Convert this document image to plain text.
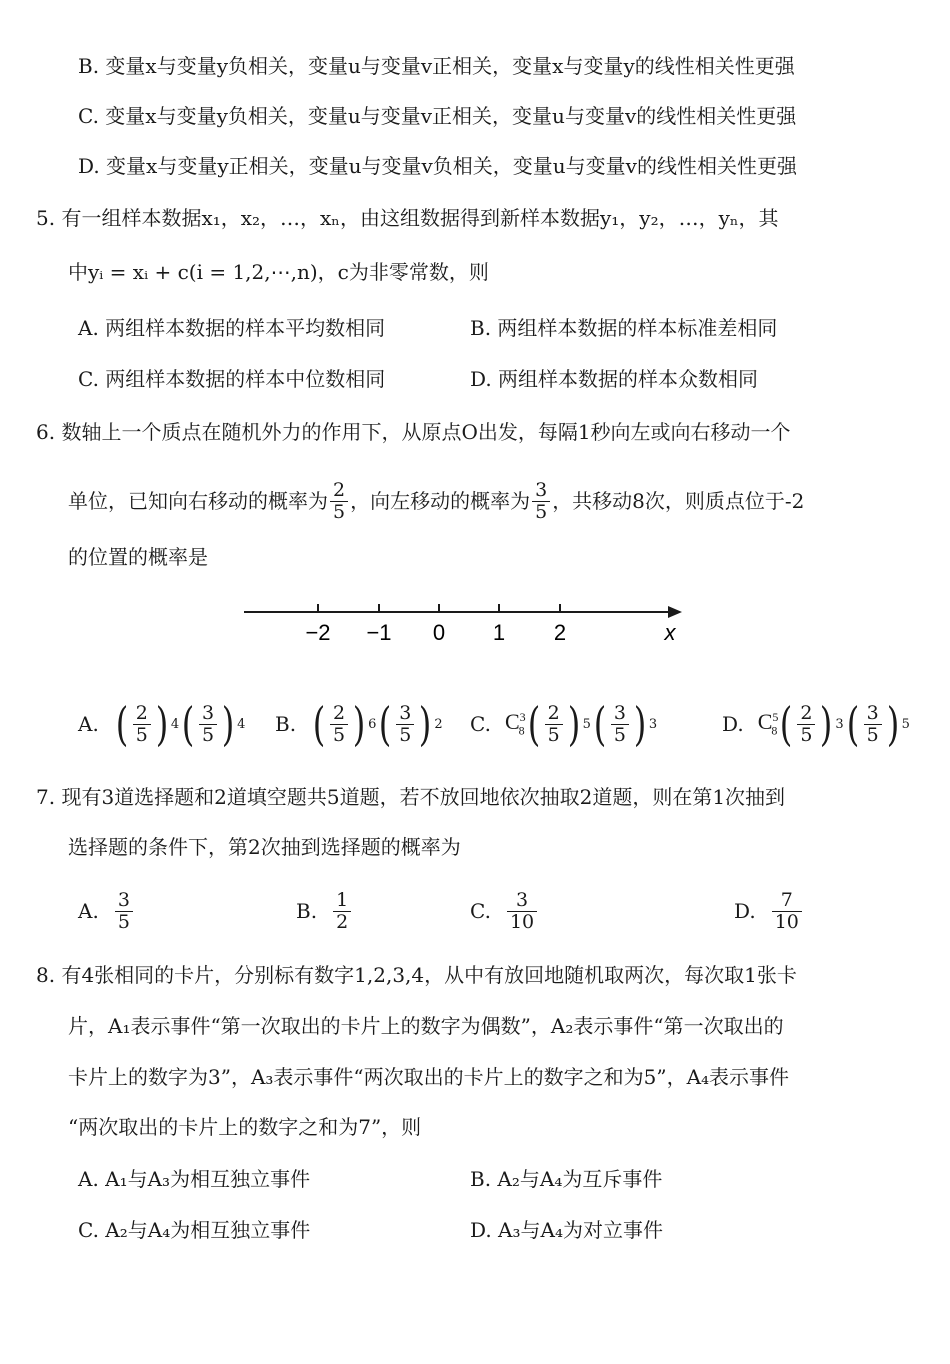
B. 变量x与变量y负相关，变量u与变量v正相关，变量x与变量y的线性相关性更强
C. 变量x与变量y负相关，变量u与变量v正相关，变量u与变量v的线性相关性更强
D. 变量x与变量y正相关，变量u与变量v负相关，变量u与变量v的线性相关性更强
5. 有一组样本数据x₁，x₂，…，xₙ，由这组数据得到新样本数据y₁，y₂，…，yₙ，其
中yᵢ = xᵢ + c(i = 1,2,⋯,n)，c为非零常数，则
A. 两组样本数据的样本平均数相同	B. 两组样本数据的样本标准差相同
C. 两组样本数据的样本中位数相同	D. 两组样本数据的样本众数相同
6. 数轴上一个质点在随机外力的作用下，从原点O出发，每隔1秒向左或向右移动一个
单位，已知向右移动的概率为 $\frac{2}{5}$ ，向左移动的概率为 $\frac{3}{5}$ ，共移动8次，则质点位于-2
的位置的概率是
−2 −1 0 1 2	x
A. ( $\frac{2}{5}$ ) 4 ( $\frac{3}{5}$ ) 4 B. ( $\frac{2}{5}$ ) 6 ( $\frac{3}{5}$ ) 2 C. $C^3_8$ ( $\frac{2}{5}$ ) 5 ( $\frac{3}{5}$ ) 3	D. $C^5_8$ ( $\frac{2}{5}$ ) 3 ( $\frac{3}{5}$ ) 5
7. 现有3道选择题和2道填空题共5道题，若不放回地依次抽取2道题，则在第1次抽到
选择题的条件下，第2次抽到选择题的概率为
A. $\frac{3}{5}$	B. $\frac{1}{2}$	C. $\frac{3}{10}$	D. $\frac{7}{10}$
8. 有4张相同的卡片，分别标有数字1,2,3,4，从中有放回地随机取两次，每次取1张卡
片，A₁表示事件“第一次取出的卡片上的数字为偶数”，A₂表示事件“第一次取出的
卡片上的数字为3”，A₃表示事件“两次取出的卡片上的数字之和为5”，A₄表示事件
“两次取出的卡片上的数字之和为7”，则
A. A₁与A₃为相互独立事件	B. A₂与A₄为互斥事件
C. A₂与A₄为相互独立事件	D. A₃与A₄为对立事件
